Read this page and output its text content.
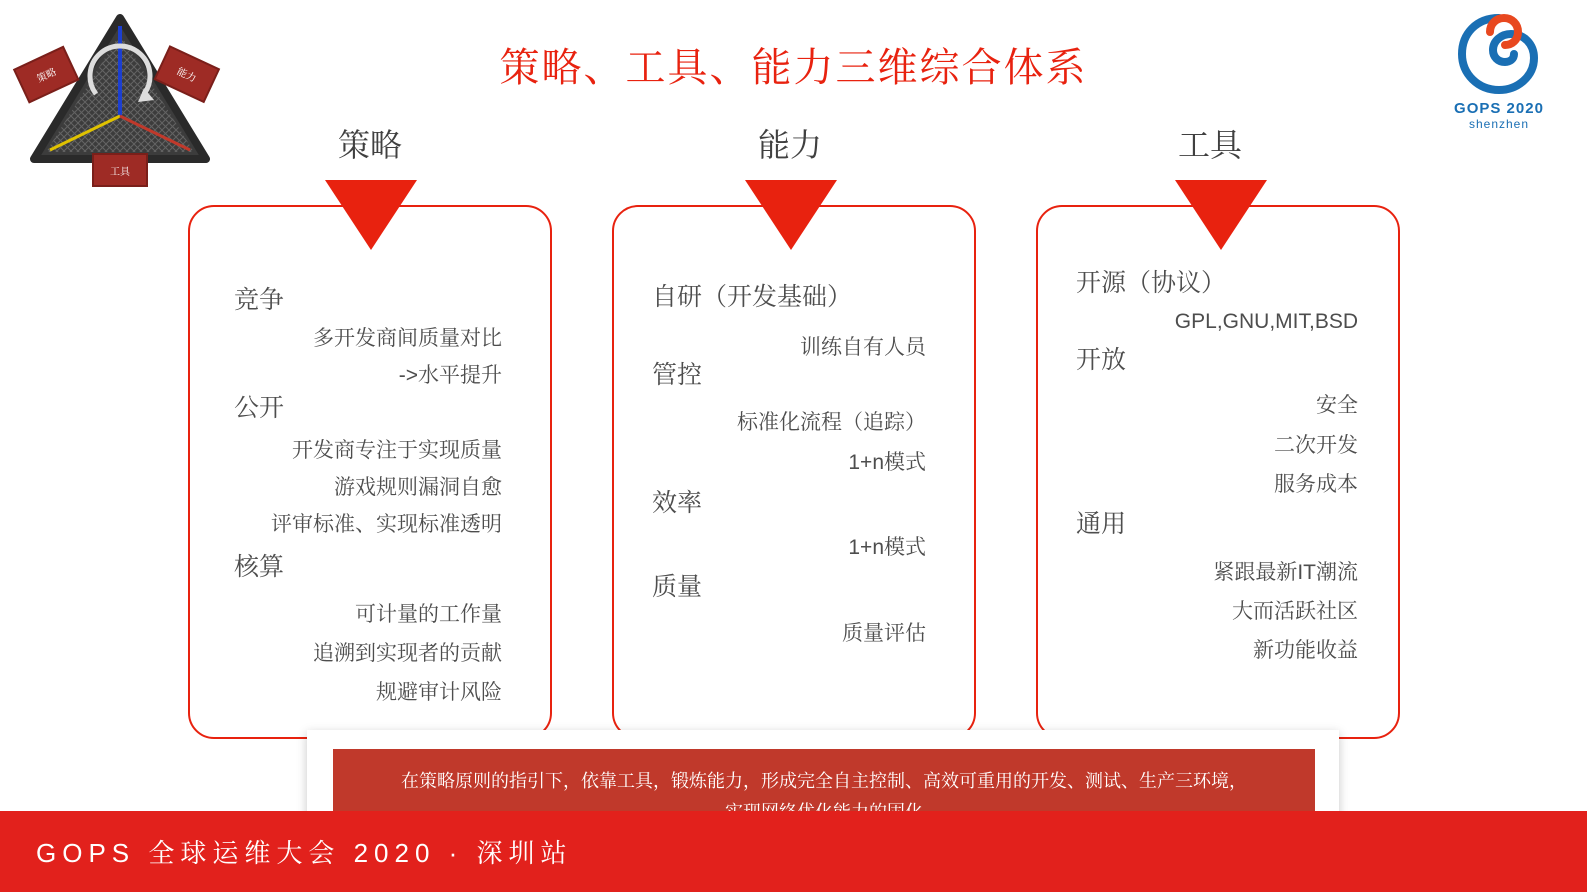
策略、工具、能力三维综合体系
策略	能力
工具
GOPS 2020
shenzhen
策略	能力	工具
竞争
多开发商间质量对比
->水平提升
公开
开发商专注于实现质量
游戏规则漏洞自愈
评审标准、实现标准透明
核算
可计量的工作量
追溯到实现者的贡献
规避审计风险
自研（开发基础）
训练自有人员
管控
标准化流程（追踪）
1+n模式
效率
1+n模式
质量
质量评估
开源（协议）
GPL,GNU,MIT,BSD
开放
安全
二次开发
服务成本
通用
紧跟最新IT潮流
大而活跃社区
新功能收益
在策略原则的指引下，依靠工具，锻炼能力，形成完全自主控制、高效可重用的开发、测试、生产三环境，
GOPS 全球运维大会 2020 · 深圳站
